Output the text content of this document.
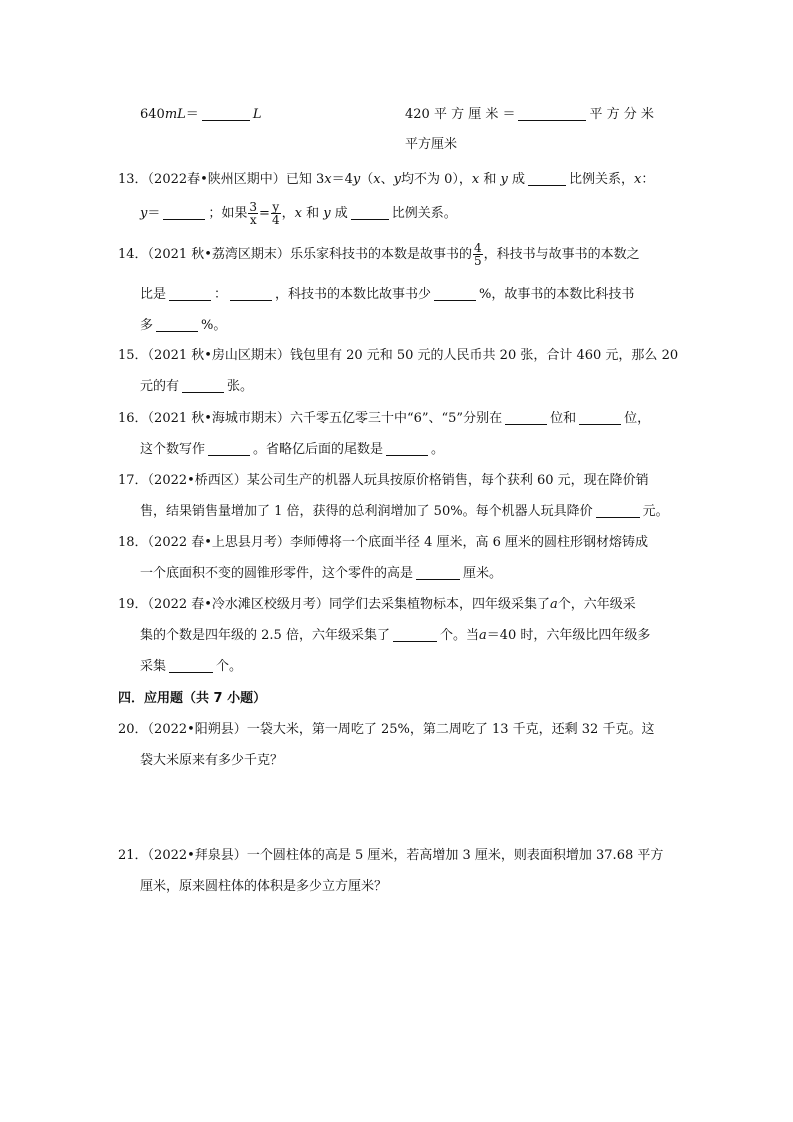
640mL＝	L	420 平 方 厘 米 ＝	平 方 分 米
平方厘米
13．（2022春•陕州区期中）已知 3x＝4y（x、y均不为 0），x 和 y 成	比例关系，x：
y＝	；如果 $\frac{3}{x} = \frac{y}{4}$ ，x 和 y 成	比例关系。
14．（2021 秋•荔湾区期末）乐乐家科技书的本数是故事书的 $\frac{4}{5}$ ，科技书与故事书的本数之
比是	：	，科技书的本数比故事书少	%，故事书的本数比科技书
多	%。
15．（2021 秋•房山区期末）钱包里有 20 元和 50 元的人民币共 20 张，合计 460 元，那么 20
元的有	张。
16．（2021 秋•海城市期末）六千零五亿零三十中“6”、“5”分别在	位和	位，
这个数写作	。省略亿后面的尾数是	。
17．（2022•桥西区）某公司生产的机器人玩具按原价格销售，每个获利 60 元，现在降价销
售，结果销售量增加了 1 倍，获得的总利润增加了 50%。每个机器人玩具降价	元。
18．（2022 春•上思县月考）李师傅将一个底面半径 4 厘米，高 6 厘米的圆柱形钢材熔铸成
一个底面积不变的圆锥形零件，这个零件的高是	厘米。
19．（2022 春•冷水滩区校级月考）同学们去采集植物标本，四年级采集了a个，六年级采
集的个数是四年级的 2.5 倍，六年级采集了	个。当a＝40 时，六年级比四年级多
采集	个。
四．应用题（共 7 小题）
20．（2022•阳朔县）一袋大米，第一周吃了 25%，第二周吃了 13 千克，还剩 32 千克。这
袋大米原来有多少千克？
21．（2022•拜泉县）一个圆柱体的高是 5 厘米，若高增加 3 厘米，则表面积增加 37.68 平方
厘米，原来圆柱体的体积是多少立方厘米？
